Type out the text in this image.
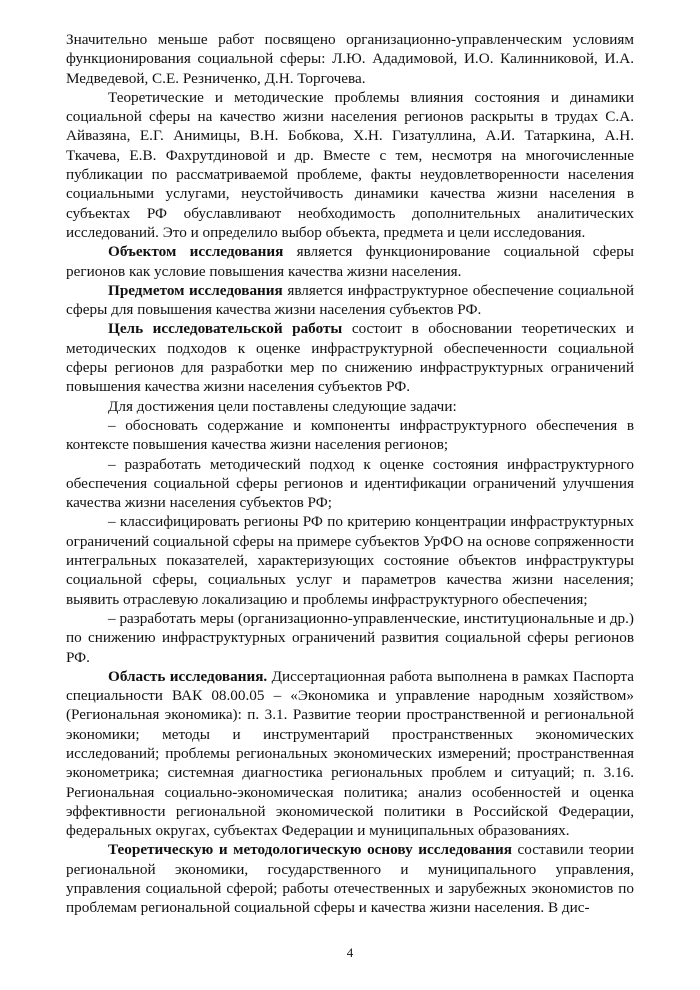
Значительно меньше работ посвящено организационно-управленческим условиям функционирования социальной сферы: Л.Ю. Ададимовой, И.О. Калинниковой, И.А. Медведевой, С.Е. Резниченко, Д.Н. Торгочева.

Теоретические и методические проблемы влияния состояния и динамики социальной сферы на качество жизни населения регионов раскрыты в трудах С.А. Айвазяна, Е.Г. Анимицы, В.Н. Бобкова, Х.Н. Гизатуллина, А.И. Татаркина, А.Н. Ткачева, Е.В. Фахрутдиновой и др. Вместе с тем, несмотря на многочисленные публикации по рассматриваемой проблеме, факты неудовлетворенности населения социальными услугами, неустойчивость динамики качества жизни населения в субъектах РФ обуславливают необходимость дополнительных аналитических исследований. Это и определило выбор объекта, предмета и цели исследования.

Объектом исследования является функционирование социальной сферы регионов как условие повышения качества жизни населения.

Предметом исследования является инфраструктурное обеспечение социальной сферы для повышения качества жизни населения субъектов РФ.

Цель исследовательской работы состоит в обосновании теоретических и методических подходов к оценке инфраструктурной обеспеченности социальной сферы регионов для разработки мер по снижению инфраструктурных ограничений повышения качества жизни населения субъектов РФ.

Для достижения цели поставлены следующие задачи:

– обосновать содержание и компоненты инфраструктурного обеспечения в контексте повышения качества жизни населения регионов;

– разработать методический подход к оценке состояния инфраструктурного обеспечения социальной сферы регионов и идентификации ограничений улучшения качества жизни населения субъектов РФ;

– классифицировать регионы РФ по критерию концентрации инфраструктурных ограничений социальной сферы на примере субъектов УрФО на основе сопряженности интегральных показателей, характеризующих состояние объектов инфраструктуры социальной сферы, социальных услуг и параметров качества жизни населения; выявить отраслевую локализацию и проблемы инфраструктурного обеспечения;

– разработать меры (организационно-управленческие, институциональные и др.) по снижению инфраструктурных ограничений развития социальной сферы регионов РФ.

Область исследования. Диссертационная работа выполнена в рамках Паспорта специальности ВАК 08.00.05 – «Экономика и управление народным хозяйством» (Региональная экономика): п. 3.1. Развитие теории пространственной и региональной экономики; методы и инструментарий пространственных экономических исследований; проблемы региональных экономических измерений; пространственная эконометрика; системная диагностика региональных проблем и ситуаций; п. 3.16. Региональная социально-экономическая политика; анализ особенностей и оценка эффективности региональной экономической политики в Российской Федерации, федеральных округах, субъектах Федерации и муниципальных образованиях.

Теоретическую и методологическую основу исследования составили теории региональной экономики, государственного и муниципального управления, управления социальной сферой; работы отечественных и зарубежных экономистов по проблемам региональной социальной сферы и качества жизни населения. В дис-

4
